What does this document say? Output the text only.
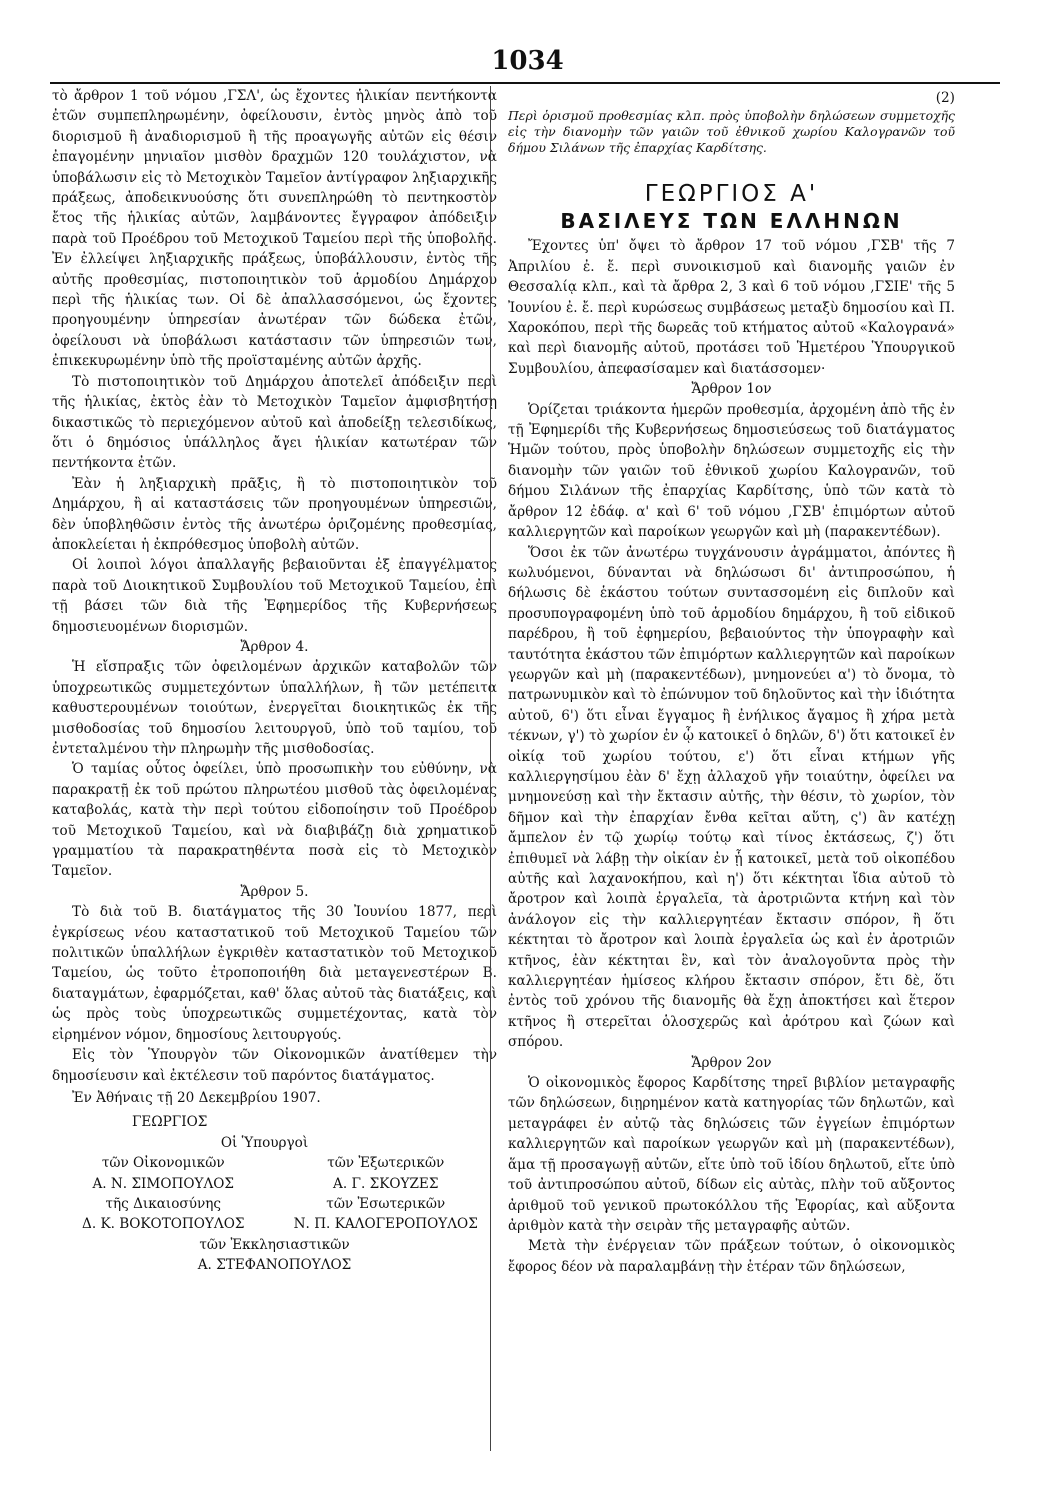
1034

τὸ ἄρθρον 1 τοῦ νόμου ,ΓΣΛ', ὡς ἔχοντες ἡλικίαν πεντήκοντα ἐτῶν συμπεπληρωμένην, ὀφείλουσιν, ἐντὸς μηνὸς ἀπὸ τοῦ διορισμοῦ ἢ ἀναδιορισμοῦ ἢ τῆς προαγωγῆς αὐτῶν εἰς θέσιν ἐπαγομένην μηνιαῖον μισθὸν δραχμῶν 120 τουλάχιστον, νὰ ὑποβάλωσιν εἰς τὸ Μετοχικὸν Ταμεῖον ἀντίγραφον ληξιαρχικῆς πράξεως, ἀποδεικνυούσης ὅτι συνεπληρώθη τὸ πεντηκοστὸν ἔτος τῆς ἡλικίας αὐτῶν, λαμβάνοντες ἔγγραφον ἀπόδειξιν παρὰ τοῦ Προέδρου τοῦ Μετοχικοῦ Ταμείου περὶ τῆς ὑποβολῆς. Ἐν ἐλλείψει ληξιαρχικῆς πράξεως, ὑποβάλλουσιν, ἐντὸς τῆς αὐτῆς προθεσμίας, πιστοποιητικὸν τοῦ ἁρμοδίου Δημάρχου περὶ τῆς ἡλικίας των. Οἱ δὲ ἀπαλλασσόμενοι, ὡς ἔχοντες προηγουμένην ὑπηρεσίαν ἀνωτέραν τῶν δώδεκα ἐτῶν, ὀφείλουσι νὰ ὑποβάλωσι κατάστασιν τῶν ὑπηρεσιῶν των, ἐπικεκυρωμένην ὑπὸ τῆς προϊσταμένης αὐτῶν ἀρχῆς.

Τὸ πιστοποιητικὸν τοῦ Δημάρχου ἀποτελεῖ ἀπόδειξιν περὶ τῆς ἡλικίας, ἐκτὸς ἐὰν τὸ Μετοχικὸν Ταμεῖον ἀμφισβητήσῃ δικαστικῶς τὸ περιεχόμενον αὐτοῦ καὶ ἀποδείξῃ τελεσιδίκως, ὅτι ὁ δημόσιος ὑπάλληλος ἄγει ἡλικίαν κατωτέραν τῶν πεντήκοντα ἐτῶν.

Ἐὰν ἡ ληξιαρχικὴ πρᾶξις, ἢ τὸ πιστοποιητικὸν τοῦ Δημάρχου, ἢ αἱ καταστάσεις τῶν προηγουμένων ὑπηρεσιῶν, δὲν ὑποβληθῶσιν ἐντὸς τῆς ἀνωτέρω ὁριζομένης προθεσμίας, ἀποκλείεται ἡ ἐκπρόθεσμος ὑποβολὴ αὐτῶν.

Οἱ λοιποὶ λόγοι ἀπαλλαγῆς βεβαιοῦνται ἐξ ἐπαγγέλματος παρὰ τοῦ Διοικητικοῦ Συμβουλίου τοῦ Μετοχικοῦ Ταμείου, ἐπὶ τῇ βάσει τῶν διὰ τῆς Ἐφημερίδος τῆς Κυβερνήσεως δημοσιευομένων διορισμῶν.

Ἄρθρον 4.

Ἡ εἴσπραξις τῶν ὀφειλομένων ἀρχικῶν καταβολῶν τῶν ὑποχρεωτικῶς συμμετεχόντων ὑπαλλήλων, ἢ τῶν μετέπειτα καθυστερουμένων τοιούτων, ἐνεργεῖται διοικητικῶς ἐκ τῆς μισθοδοσίας τοῦ δημοσίου λειτουργοῦ, ὑπὸ τοῦ ταμίου, τοῦ ἐντεταλμένου τὴν πληρωμὴν τῆς μισθοδοσίας.

Ὁ ταμίας οὗτος ὀφείλει, ὑπὸ προσωπικὴν του εὐθύνην, νὰ παρακρατῇ ἐκ τοῦ πρώτου πληρωτέου μισθοῦ τὰς ὀφειλομένας καταβολάς, κατὰ τὴν περὶ τούτου εἰδοποίησιν τοῦ Προέδρου τοῦ Μετοχικοῦ Ταμείου, καὶ νὰ διαβιβάζῃ διὰ χρηματικοῦ γραμματίου τὰ παρακρατηθέντα ποσὰ εἰς τὸ Μετοχικὸν Ταμεῖον.

Ἄρθρον 5.

Τὸ διὰ τοῦ Β. διατάγματος τῆς 30 Ἰουνίου 1877, περὶ ἐγκρίσεως νέου καταστατικοῦ τοῦ Μετοχικοῦ Ταμείου τῶν πολιτικῶν ὑπαλλήλων ἐγκριθὲν καταστατικὸν τοῦ Μετοχικοῦ Ταμείου, ὡς τοῦτο ἐτροποποιήθη διὰ μεταγενεστέρων Β. διαταγμάτων, ἐφαρμόζεται, καθ' ὅλας αὐτοῦ τὰς διατάξεις, καὶ ὡς πρὸς τοὺς ὑποχρεωτικῶς συμμετέχοντας, κατὰ τὸν εἰρημένον νόμον, δημοσίους λειτουργούς.

Εἰς τὸν Ὑπουργὸν τῶν Οἰκονομικῶν ἀνατίθεμεν τὴν δημοσίευσιν καὶ ἐκτέλεσιν τοῦ παρόντος διατάγματος.

Ἐν Ἀθήναις τῇ 20 Δεκεμβρίου 1907.

ΓΕΩΡΓΙΟΣ

Οἱ Ὑπουργοὶ

τῶν Οἰκονομικῶν	τῶν Ἐξωτερικῶν
Α. Ν. ΣΙΜΟΠΟΥΛΟΣ	Α. Γ. ΣΚΟΥΖΕΣ
τῆς Δικαιοσύνης	τῶν Ἐσωτερικῶν
Δ. Κ. ΒΟΚΟΤΟΠΟΥΛΟΣ	Ν. Π. ΚΑΛΟΓΕΡΟΠΟΥΛΟΣ

τῶν Ἐκκλησιαστικῶν

Α. ΣΤΕΦΑΝΟΠΟΥΛΟΣ

(2)

Περὶ ὁρισμοῦ προθεσμίας κλπ. πρὸς ὑποβολὴν δηλώσεων συμμετοχῆς εἰς τὴν διανομὴν τῶν γαιῶν τοῦ ἐθνικοῦ χωρίου Καλογρανῶν τοῦ δήμου Σιλάνων τῆς ἐπαρχίας Καρδίτσης.

ΓΕΩΡΓΙΟΣ Α'

ΒΑΣΙΛΕΥΣ ΤΩΝ ΕΛΛΗΝΩΝ

Ἔχοντες ὑπ' ὄψει τὸ ἄρθρον 17 τοῦ νόμου ,ΓΣΒ' τῆς 7 Ἀπριλίου ἐ. ἔ. περὶ συνοικισμοῦ καὶ διανομῆς γαιῶν ἐν Θεσσαλίᾳ κλπ., καὶ τὰ ἄρθρα 2, 3 καὶ 6 τοῦ νόμου ,ΓΣΙΕ' τῆς 5 Ἰουνίου ἐ. ἔ. περὶ κυρώσεως συμβάσεως μεταξὺ δημοσίου καὶ Π. Χαροκόπου, περὶ τῆς δωρεᾶς τοῦ κτήματος αὐτοῦ «Καλογρανά» καὶ περὶ διανομῆς αὐτοῦ, προτάσει τοῦ Ἡμετέρου Ὑπουργικοῦ Συμβουλίου, ἀπεφασίσαμεν καὶ διατάσσομεν·

Ἄρθρον 1ον

Ὁρίζεται τριάκοντα ἡμερῶν προθεσμία, ἀρχομένη ἀπὸ τῆς ἐν τῇ Ἐφημερίδι τῆς Κυβερνήσεως δημοσιεύσεως τοῦ διατάγματος Ἡμῶν τούτου, πρὸς ὑποβολὴν δηλώσεων συμμετοχῆς εἰς τὴν διανομὴν τῶν γαιῶν τοῦ ἐθνικοῦ χωρίου Καλογρανῶν, τοῦ δήμου Σιλάνων τῆς ἐπαρχίας Καρδίτσης, ὑπὸ τῶν κατὰ τὸ ἄρθρον 12 ἐδάφ. α' καὶ 6' τοῦ νόμου ,ΓΣΒ' ἐπιμόρτων αὐτοῦ καλλιεργητῶν καὶ παροίκων γεωργῶν καὶ μὴ (παρακεντέδων).

Ὅσοι ἐκ τῶν ἀνωτέρω τυγχάνουσιν ἀγράμματοι, ἀπόντες ἢ κωλυόμενοι, δύνανται νὰ δηλώσωσι δι' ἀντιπροσώπου, ἡ δήλωσις δὲ ἑκάστου τούτων συντασσομένη εἰς διπλοῦν καὶ προσυπογραφομένη ὑπὸ τοῦ ἁρμοδίου δημάρχου, ἢ τοῦ εἰδικοῦ παρέδρου, ἢ τοῦ ἐφημερίου, βεβαιούντος τὴν ὑπογραφὴν καὶ ταυτότητα ἑκάστου τῶν ἐπιμόρτων καλλιεργητῶν καὶ παροίκων γεωργῶν καὶ μὴ (παρακεντέδων), μνημονεύει α') τὸ ὄνομα, τὸ πατρωνυμικὸν καὶ τὸ ἐπώνυμον τοῦ δηλοῦντος καὶ τὴν ἰδιότητα αὐτοῦ, 6') ὅτι εἶναι ἔγγαμος ἢ ἐνήλικος ἄγαμος ἢ χήρα μετὰ τέκνων, γ') τὸ χωρίον ἐν ᾧ κατοικεῖ ὁ δηλῶν, δ') ὅτι κατοικεῖ ἐν οἰκίᾳ τοῦ χωρίου τούτου, ε') ὅτι εἶναι κτήμων γῆς καλλιεργησίμου ἐὰν δ' ἔχῃ ἀλλαχοῦ γῆν τοιαύτην, ὀφείλει να μνημονεύσῃ καὶ τὴν ἔκτασιν αὐτῆς, τὴν θέσιν, τὸ χωρίον, τὸν δῆμον καὶ τὴν ἐπαρχίαν ἔνθα κεῖται αὕτη, ς') ἂν κατέχῃ ἄμπελον ἐν τῷ χωρίῳ τούτῳ καὶ τίνος ἐκτάσεως, ζ') ὅτι ἐπιθυμεῖ νὰ λάβῃ τὴν οἰκίαν ἐν ᾗ κατοικεῖ, μετὰ τοῦ οἰκοπέδου αὐτῆς καὶ λαχανοκήπου, καὶ η') ὅτι κέκτηται ἴδια αὐτοῦ τὸ ἄροτρον καὶ λοιπὰ ἐργαλεῖα, τὰ ἀροτριῶντα κτήνη καὶ τὸν ἀνάλογον εἰς τὴν καλλιεργητέαν ἔκτασιν σπόρον, ἢ ὅτι κέκτηται τὸ ἄροτρον καὶ λοιπὰ ἐργαλεῖα ὡς καὶ ἐν ἀροτριῶν κτῆνος, ἐὰν κέκτηται ἓν, καὶ τὸν ἀναλογοῦντα πρὸς τὴν καλλιεργητέαν ἡμίσεος κλήρου ἔκτασιν σπόρον, ἔτι δὲ, ὅτι ἐντὸς τοῦ χρόνου τῆς διανομῆς θὰ ἔχῃ ἀποκτήσει καὶ ἕτερον κτῆνος ἢ στερεῖται ὁλοσχερῶς καὶ ἀρότρου καὶ ζώων καὶ σπόρου.

Ἄρθρον 2ον

Ὁ οἰκονομικὸς ἔφορος Καρδίτσης τηρεῖ βιβλίον μεταγραφῆς τῶν δηλώσεων, διῃρημένον κατὰ κατηγορίας τῶν δηλωτῶν, καὶ μεταγράφει ἐν αὐτῷ τὰς δηλώσεις τῶν ἐγγείων ἐπιμόρτων καλλιεργητῶν καὶ παροίκων γεωργῶν καὶ μὴ (παρακεντέδων), ἅμα τῇ προσαγωγῇ αὐτῶν, εἴτε ὑπὸ τοῦ ἰδίου δηλωτοῦ, εἴτε ὑπὸ τοῦ ἀντιπροσώπου αὐτοῦ, δίδων εἰς αὐτὰς, πλὴν τοῦ αὔξοντος ἀριθμοῦ τοῦ γενικοῦ πρωτοκόλλου τῆς Ἐφορίας, καὶ αὔξοντα ἀριθμὸν κατὰ τὴν σειρὰν τῆς μεταγραφῆς αὐτῶν.

Μετὰ τὴν ἐνέργειαν τῶν πράξεων τούτων, ὁ οἰκονομικὸς ἔφορος δέον νὰ παραλαμβάνῃ τὴν ἑτέραν τῶν δηλώσεων,
